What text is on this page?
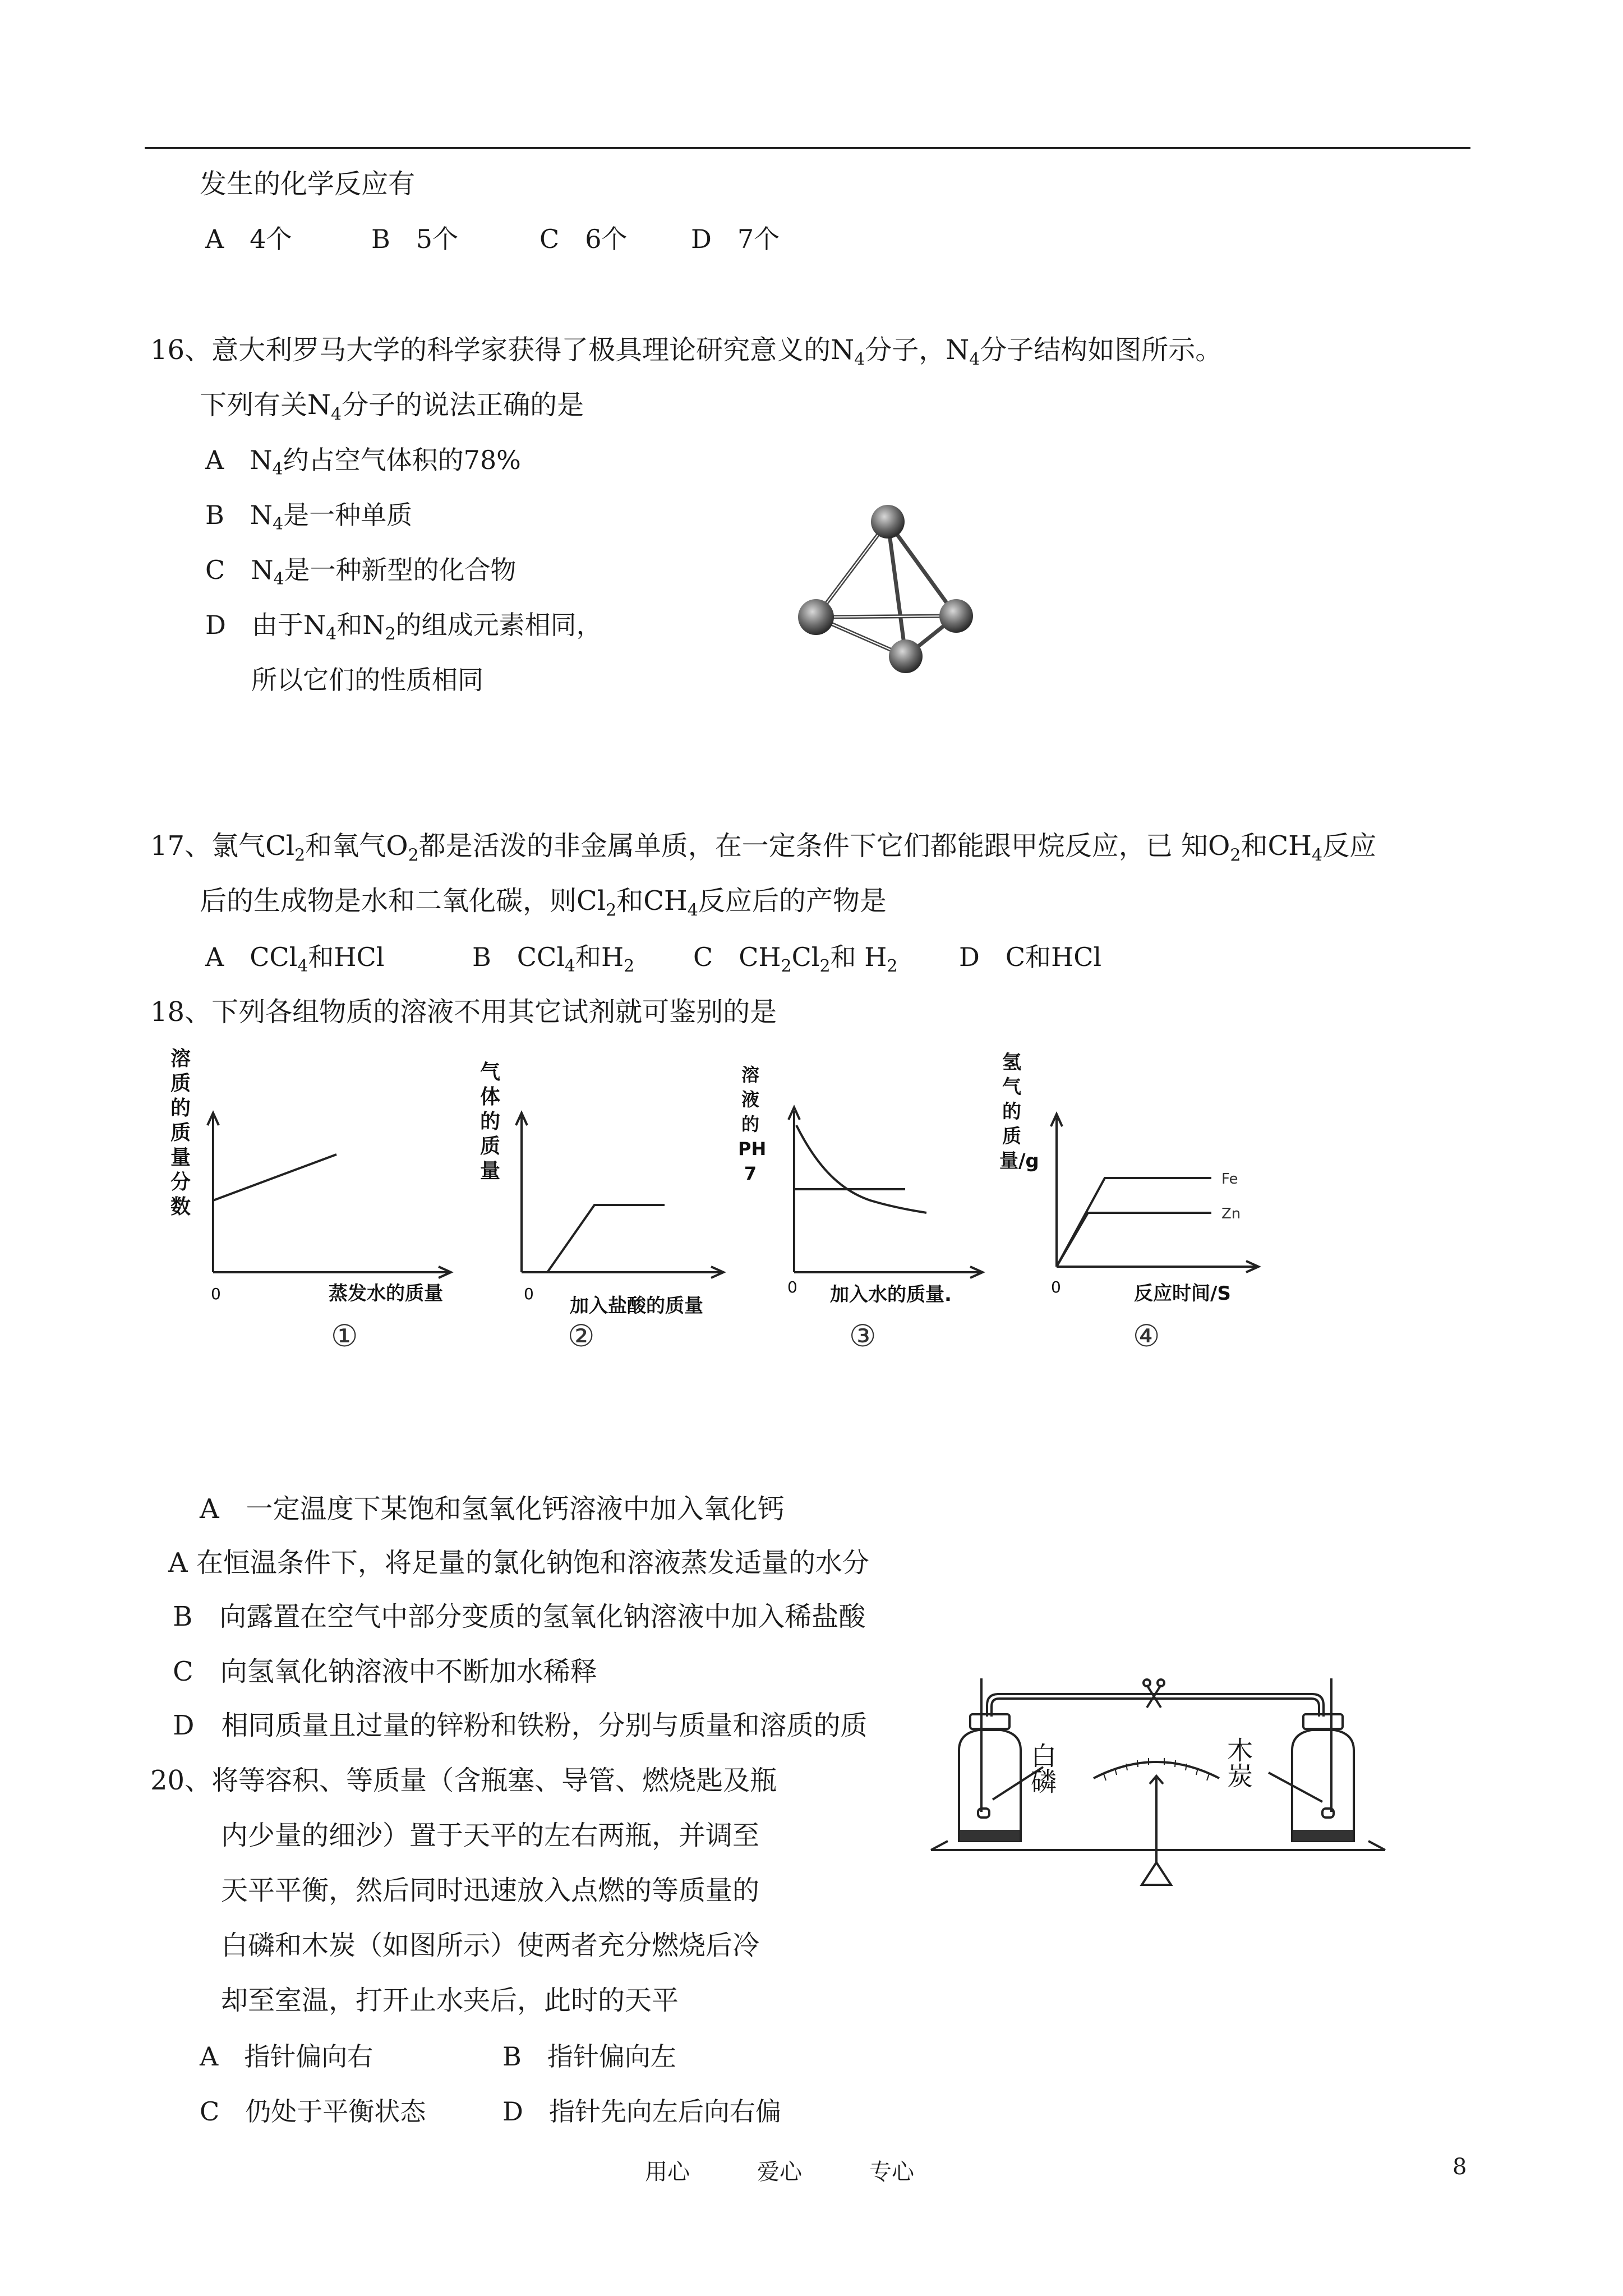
发生的化学反应有
A　4个	B　5个	C　6个 D　7个
16、意大利罗马大学的科学家获得了极具理论研究意义的$N_4$分子，$N_4$分子结构如图所示。
下列有关$N_4$分子的说法正确的是
A　$N_4$约占空气体积的78%
B　$N_4$是一种单质
C　$N_4$是一种新型的化合物
D　由于$N_4$和$N_2$的组成元素相同，
所以它们的性质相同
17、氯气$Cl_2$和氧气$O_2$都是活泼的非金属单质，在一定条件下它们都能跟甲烷反应，已 知$O_2$和$CH_4$反应
后的生成物是水和二氧化碳，则$Cl_2$和$CH_4$反应后的产物是
A　CCl$_4$和HCl	B　CCl$_4$和$H_2$ C　$CH_2Cl_2$和 $H_2$ D　C和HCl
18、下列各组物质的溶液不用其它试剂就可鉴别的是
溶质的质量分数
0	蒸发水的质量
①
气体的质量
0
加入盐酸的质量
②
溶液的PH 7
0 加入水的质量.
③
氢气的质量/g
Fe
Zn
0	反应时间/S
④
A　一定温度下某饱和氢氧化钙溶液中加入氧化钙
A 在恒温条件下，将足量的氯化钠饱和溶液蒸发适量的水分
B　向露置在空气中部分变质的氢氧化钠溶液中加入稀盐酸
C　向氢氧化钠溶液中不断加水稀释
D　相同质量且过量的锌粉和铁粉，分别与质量和溶质的质
20、将等容积、等质量（含瓶塞、导管、燃烧匙及瓶
内少量的细沙）置于天平的左右两瓶，并调至
天平平衡，然后同时迅速放入点燃的等质量的
白磷和木炭（如图所示）使两者充分燃烧后冷
却至室温，打开止水夹后，此时的天平
A　指针偏向右	B　指针偏向左
C　仍处于平衡状态	D　指针先向左后向右偏
白磷	木炭
用心	爱心	专心	8
